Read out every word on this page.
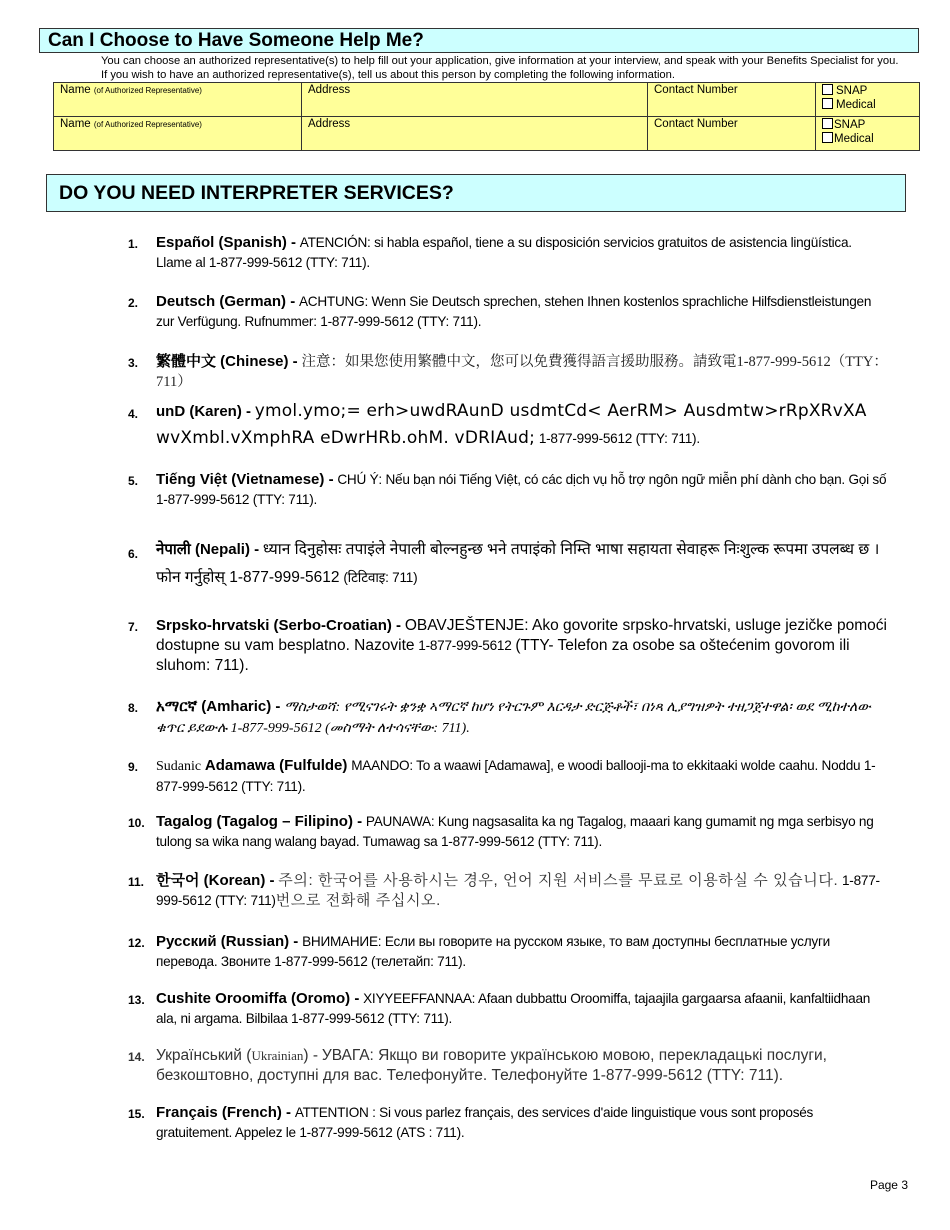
Can I Choose to Have Someone Help Me?
You can choose an authorized representative(s) to help fill out your application, give information at your interview, and speak with your Benefits Specialist for you. If you wish to have an authorized representative(s), tell us about this person by completing the following information.
Name (of Authorized Representative)	Address	Contact Number	SNAP
Medical

Name (of Authorized Representative)	Address	Contact Number	SNAP
Medical
DO YOU NEED INTERPRETER SERVICES?
1. Español (Spanish) - ATENCIÓN: si habla español, tiene a su disposición servicios gratuitos de asistencia lingüística. Llame al 1-877-999-5612 (TTY: 711).
2. Deutsch (German) - ACHTUNG: Wenn Sie Deutsch sprechen, stehen Ihnen kostenlos sprachliche Hilfsdienstleistungen zur Verfügung. Rufnummer: 1-877-999-5612 (TTY: 711).
3. 繁體中文 (Chinese) - 注意：如果您使用繁體中文，您可以免費獲得語言援助服務。請致電1-877-999-5612（TTY：711）
4. unD (Karen) - ymol.ymo;= erh>uwdRAunD usdmtCd< AerRM> Ausdmtw>rRpXRvXA wvXmbl.vXmphRA eDwrHRb.ohM. vDRIAud; 1-877-999-5612 (TTY: 711).
5. Tiếng Việt (Vietnamese) - CHÚ Ý: Nếu bạn nói Tiếng Việt, có các dịch vụ hỗ trợ ngôn ngữ miễn phí dành cho bạn. Gọi số 1-877-999-5612 (TTY: 711).
6. नेपाली (Nepali) - ध्यान दिनुहोसः तपाइंले नेपाली बोल्नहुन्छ भने तपाइंको निम्ति भाषा सहायता सेवाहरू निःशुल्क रूपमा उपलब्ध छ । फोन गर्नुहोस् 1-877-999-5612 (टिटिवाइ: 711)
7. Srpsko-hrvatski (Serbo-Croatian) - OBAVJEŠTENJE: Ako govorite srpsko-hrvatski, usluge jezičke pomoći dostupne su vam besplatno. Nazovite 1-877-999-5612 (TTY- Telefon za osobe sa oštećenim govorom ili sluhom: 711).
8. አማርኛ (Amharic) - ማስታወሻ: የሚናገሩት ቋንቋ ኣማርኛ ከሆነ የትርጉም እርዳታ ድርጅቶች፣ በነጻ ሊያግዝዎት ተዘጋጀተዋል፡ ወደ ሚከተለው ቁጥር ይደውሉ 1-877-999-5612 (መስማት ለተሳናቸው: 711).
9. Sudanic Adamawa (Fulfulde) MAANDO: To a waawi [Adamawa], e woodi ballooji-ma to ekkitaaki wolde caahu. Noddu 1-877-999-5612 (TTY: 711).
10. Tagalog (Tagalog – Filipino) - PAUNAWA: Kung nagsasalita ka ng Tagalog, maaari kang gumamit ng mga serbisyo ng tulong sa wika nang walang bayad. Tumawag sa 1-877-999-5612 (TTY: 711).
11. 한국어 (Korean) - 주의: 한국어를 사용하시는 경우, 언어 지원 서비스를 무료로 이용하실 수 있습니다. 1-877-999-5612 (TTY: 711)번으로 전화해 주십시오.
12. Русский (Russian) - ВНИМАНИЕ: Если вы говорите на русском языке, то вам доступны бесплатные услуги перевода. Звоните 1-877-999-5612 (телетайп: 711).
13. Cushite Oroomiffa (Oromo) - XIYYEEFFANNAA: Afaan dubbattu Oroomiffa, tajaajila gargaarsa afaanii, kanfaltiidhaan ala, ni argama. Bilbilaa 1-877-999-5612 (TTY: 711).
14. Український (Ukrainian) - УВАГА: Якщо ви говорите українською мовою, перекладацькі послуги, безкоштовно, доступні для вас. Телефонуйте. Телефонуйте 1-877-999-5612 (TTY: 711).
15. Français (French) - ATTENTION : Si vous parlez français, des services d'aide linguistique vous sont proposés gratuitement. Appelez le 1-877-999-5612 (ATS : 711).
Page 3
